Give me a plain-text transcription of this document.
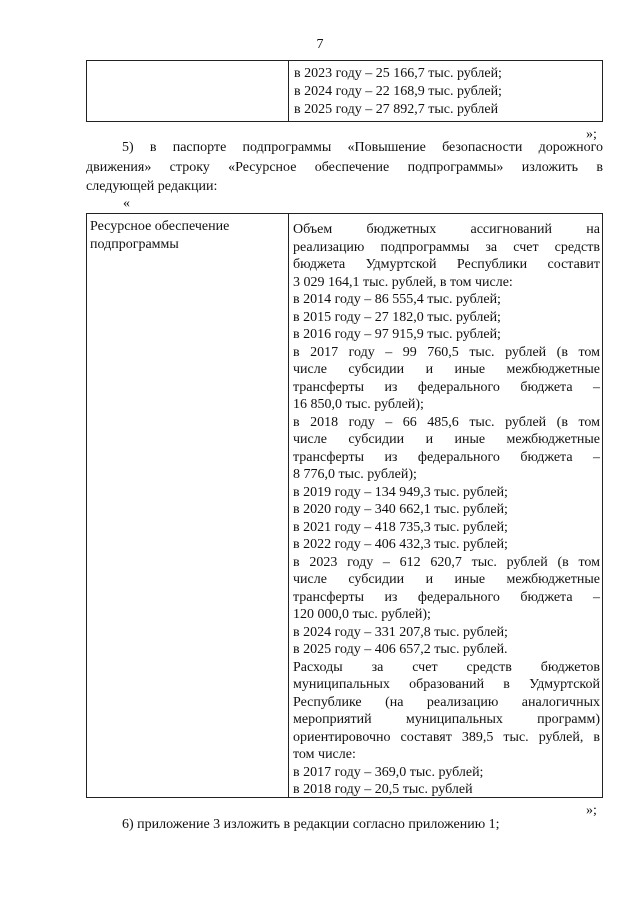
7
в 2023 году – 25 166,7 тыс. рублей;
в 2024 году – 22 168,9 тыс. рублей;
в 2025 году – 27 892,7 тыс. рублей
»;
5) в паспорте подпрограммы «Повышение безопасности дорожного
движения» строку «Ресурсное обеспечение подпрограммы» изложить в
следующей редакции:
«
Ресурсное обеспечение
подпрограммы
Объем бюджетных ассигнований на
реализацию подпрограммы за счет средств
бюджета Удмуртской Республики составит
3 029 164,1 тыс. рублей, в том числе:
в 2014 году – 86 555,4 тыс. рублей;
в 2015 году – 27 182,0 тыс. рублей;
в 2016 году – 97 915,9 тыс. рублей;
в 2017 году – 99 760,5 тыс. рублей (в том
числе субсидии и иные межбюджетные
трансферты из федерального бюджета –
16 850,0 тыс. рублей);
в 2018 году – 66 485,6 тыс. рублей (в том
числе субсидии и иные межбюджетные
трансферты из федерального бюджета –
8 776,0 тыс. рублей);
в 2019 году – 134 949,3 тыс. рублей;
в 2020 году – 340 662,1 тыс. рублей;
в 2021 году – 418 735,3 тыс. рублей;
в 2022 году – 406 432,3 тыс. рублей;
в 2023 году – 612 620,7 тыс. рублей (в том
числе субсидии и иные межбюджетные
трансферты из федерального бюджета –
120 000,0 тыс. рублей);
в 2024 году – 331 207,8 тыс. рублей;
в 2025 году – 406 657,2 тыс. рублей.
Расходы за счет средств бюджетов
муниципальных образований в Удмуртской
Республике (на реализацию аналогичных
мероприятий муниципальных программ)
ориентировочно составят 389,5 тыс. рублей, в
том числе:
в 2017 году – 369,0 тыс. рублей;
в 2018 году – 20,5 тыс. рублей
»;
6) приложение 3 изложить в редакции согласно приложению 1;
